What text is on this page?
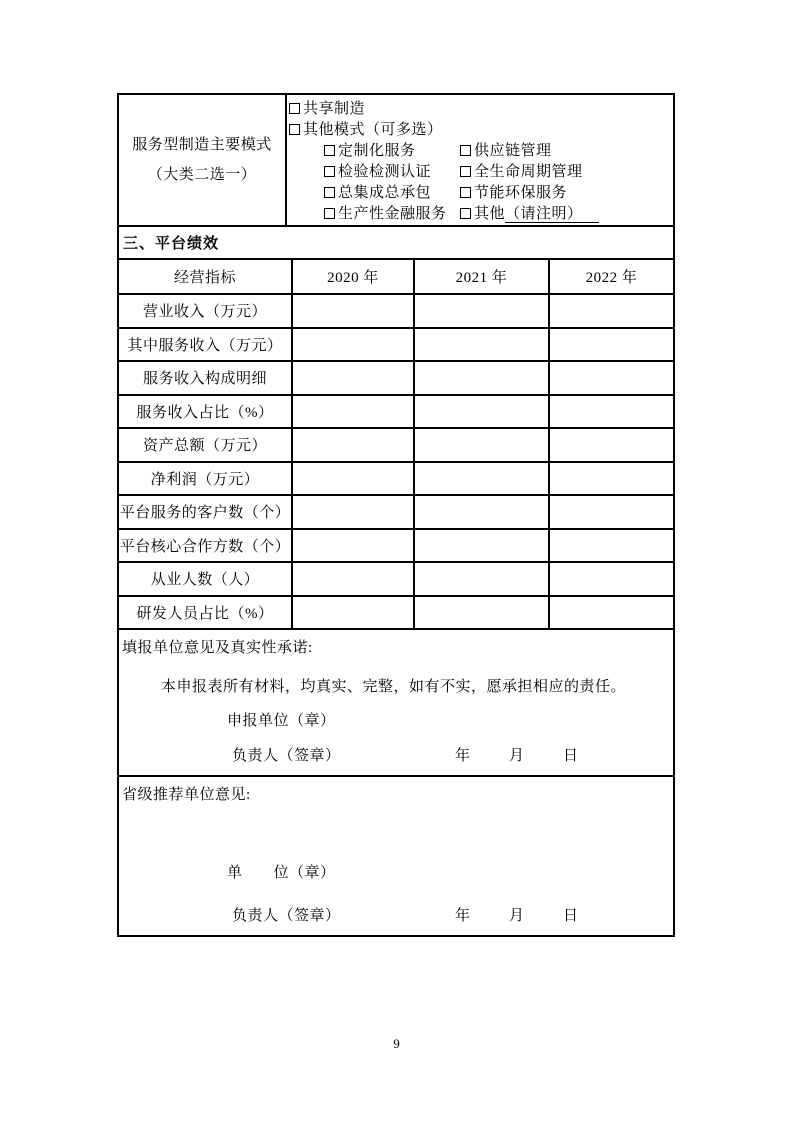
服务型制造主要模式
（大类二选一）
共享制造
其他模式（可多选）
定制化服务	供应链管理
检验检测认证	全生命周期管理
总集成总承包	节能环保服务
生产性金融服务	其他（请注明）
三、平台绩效
经营指标	2020 年	2021 年	2022 年
营业收入（万元）
其中服务收入（万元）
服务收入构成明细
服务收入占比（%）
资产总额（万元）
净利润（万元）
平台服务的客户数（个）
平台核心合作方数（个）
从业人数（人）
研发人员占比（%）
填报单位意见及真实性承诺:
本申报表所有材料，均真实、完整，如有不实，愿承担相应的责任。
申报单位（章）
负责人（签章）	年	月	日
省级推荐单位意见:
单　　位（章）
负责人（签章）	年	月	日
9
